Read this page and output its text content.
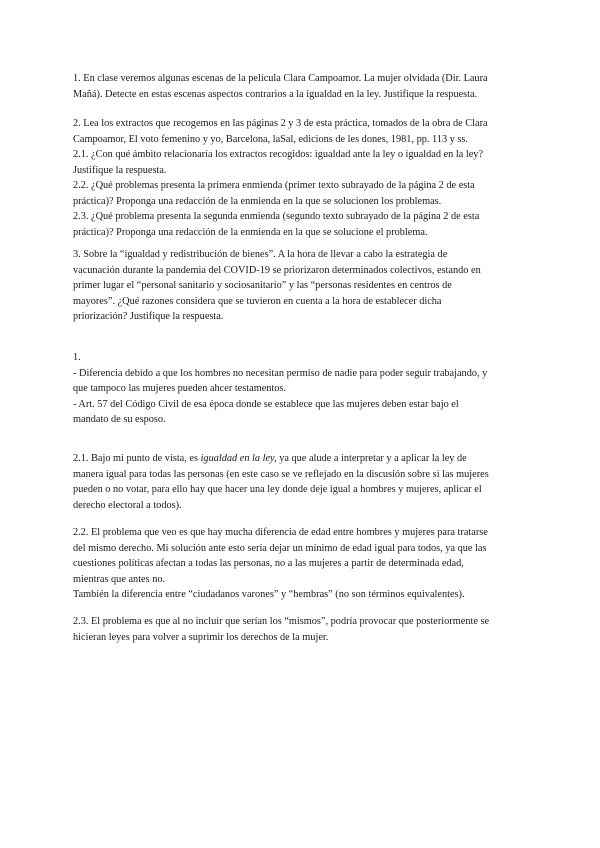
1. En clase veremos algunas escenas de la película Clara Campoamor. La mujer olvidada (Dir. Laura
Mañá). Detecte en estas escenas aspectos contrarios a la igualdad en la ley. Justifique la respuesta.
2. Lea los extractos que recogemos en las páginas 2 y 3 de esta práctica, tomados de la obra de Clara
Campoamor, El voto femenino y yo, Barcelona, laSal, edicions de les dones, 1981, pp. 113 y ss.
2.1. ¿Con qué ámbito relacionaría los extractos recogidos: igualdad ante la ley o igualdad en la ley?
Justifique la respuesta.
2.2. ¿Qué problemas presenta la primera enmienda (primer texto subrayado de la página 2 de esta
práctica)? Proponga una redacción de la enmienda en la que se solucionen los problemas.
2.3. ¿Qué problema presenta la segunda enmienda (segundo texto subrayado de la página 2 de esta
práctica)? Proponga una redacción de la enmienda en la que se solucione el problema.
3. Sobre la “igualdad y redistribución de bienes”. A la hora de llevar a cabo la estrategia de
vacunación durante la pandemia del COVID-19 se priorizaron determinados colectivos, estando en
primer lugar el “personal sanitario y sociosanitario” y las “personas residentes en centros de
mayores”. ¿Qué razones considera que se tuvieron en cuenta a la hora de establecer dicha
priorización? Justifique la respuesta.
1.
- Diferencia debido a que los hombres no necesitan permiso de nadie para poder seguir trabajando, y
que tampoco las mujeres pueden ahcer testamentos.
- Art. 57 del Código Civil de esa época donde se establece que las mujeres deben estar bajo el
mandato de su esposo.
2.1. Bajo mi punto de vista, es igualdad en la ley, ya que alude a interpretar y a aplicar la ley de
manera igual para todas las personas (en este caso se ve reflejado en la discusión sobre si las mujeres
pueden o no votar, para ello hay que hacer una ley donde deje igual a hombres y mujeres, aplicar el
derecho electoral a todos).
2.2. El problema que veo es que hay mucha diferencia de edad entre hombres y mujeres para tratarse
del mismo derecho. Mi solución ante esto sería dejar un mínimo de edad igual para todos, ya que las
cuestiones políticas afectan a todas las personas, no a las mujeres a partir de determinada edad,
mientras que antes no.
También la diferencia entre “ciudadanos varones” y “hembras” (no son términos equivalentes).
2.3. El problema es que al no incluir que serían los “mismos”, podría provocar que posteriormente se
hicieran leyes para volver a suprimir los derechos de la mujer.
